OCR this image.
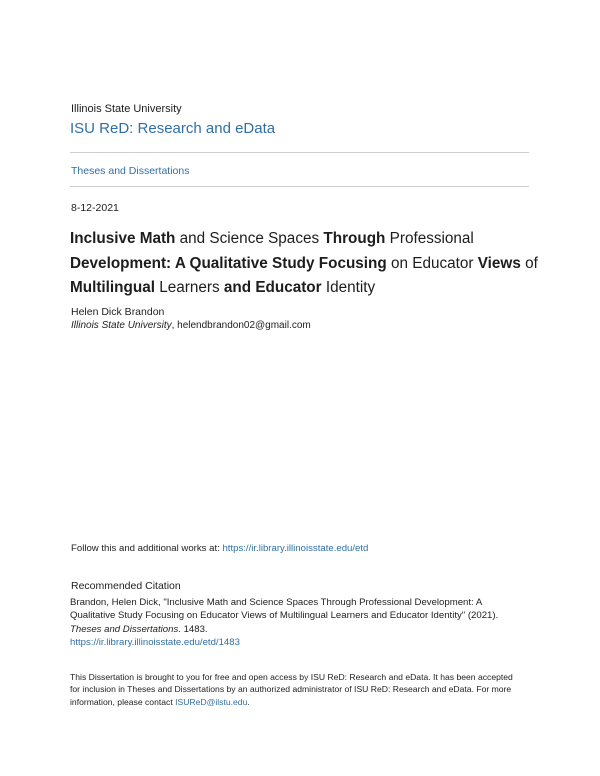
Illinois State University
ISU ReD: Research and eData
Theses and Dissertations
8-12-2021
Inclusive Math and Science Spaces Through Professional
Development: A Qualitative Study Focusing on Educator Views of
Multilingual Learners and Educator Identity
Helen Dick Brandon
Illinois State University, helendbrandon02@gmail.com
Follow this and additional works at: https://ir.library.illinoisstate.edu/etd
Recommended Citation
Brandon, Helen Dick, "Inclusive Math and Science Spaces Through Professional Development: A
Qualitative Study Focusing on Educator Views of Multilingual Learners and Educator Identity" (2021).
Theses and Dissertations. 1483.
https://ir.library.illinoisstate.edu/etd/1483
This Dissertation is brought to you for free and open access by ISU ReD: Research and eData. It has been accepted
for inclusion in Theses and Dissertations by an authorized administrator of ISU ReD: Research and eData. For more
information, please contact ISUReD@ilstu.edu.
